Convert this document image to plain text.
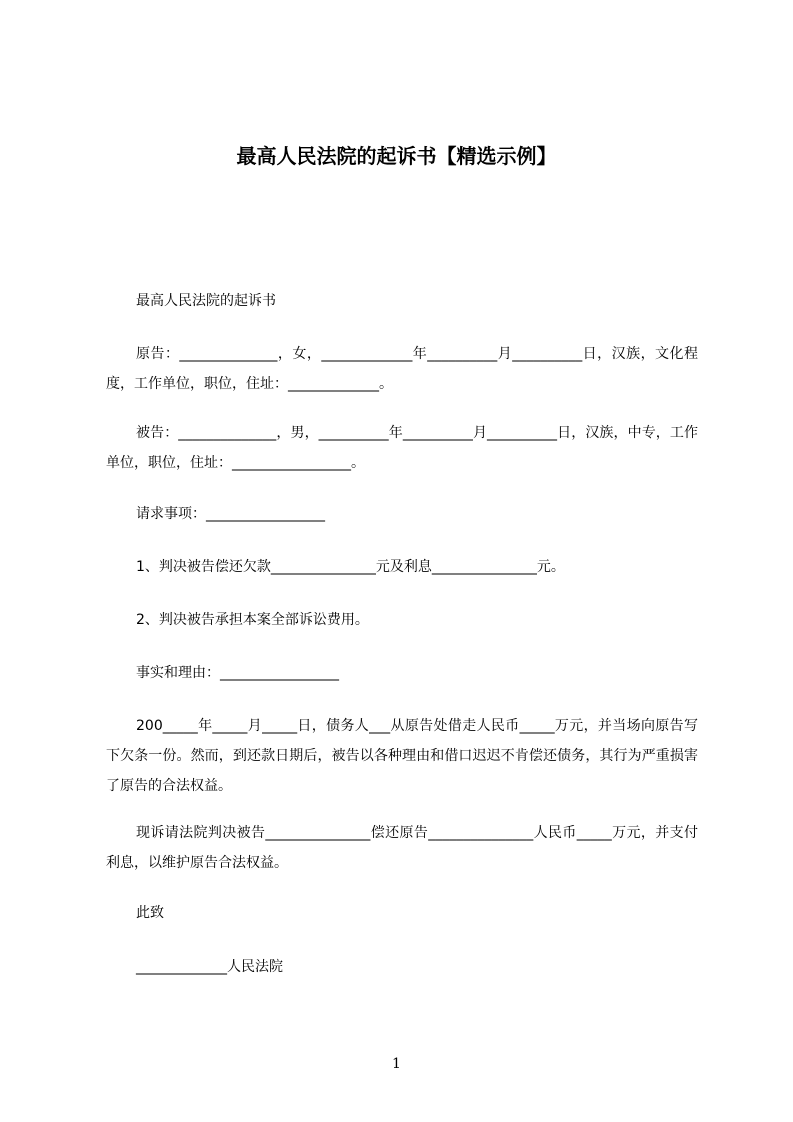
最高人民法院的起诉书【精选示例】
最高人民法院的起诉书
原告：______________，女，_____________年__________月__________日，汉族，文化程度，工作单位，职位，住址：_____________。
被告：______________，男，__________年__________月__________日，汉族，中专，工作单位，职位，住址：_________________。
请求事项：_________________
1、判决被告偿还欠款_______________元及利息_______________元。
2、判决被告承担本案全部诉讼费用。
事实和理由：_________________
200_____年_____月_____日，债务人___从原告处借走人民币_____万元，并当场向原告写下欠条一份。然而，到还款日期后，被告以各种理由和借口迟迟不肯偿还债务，其行为严重损害了原告的合法权益。
现诉请法院判决被告_______________偿还原告_______________人民币_____万元，并支付利息，以维护原告合法权益。
此致
_____________人民法院
1
